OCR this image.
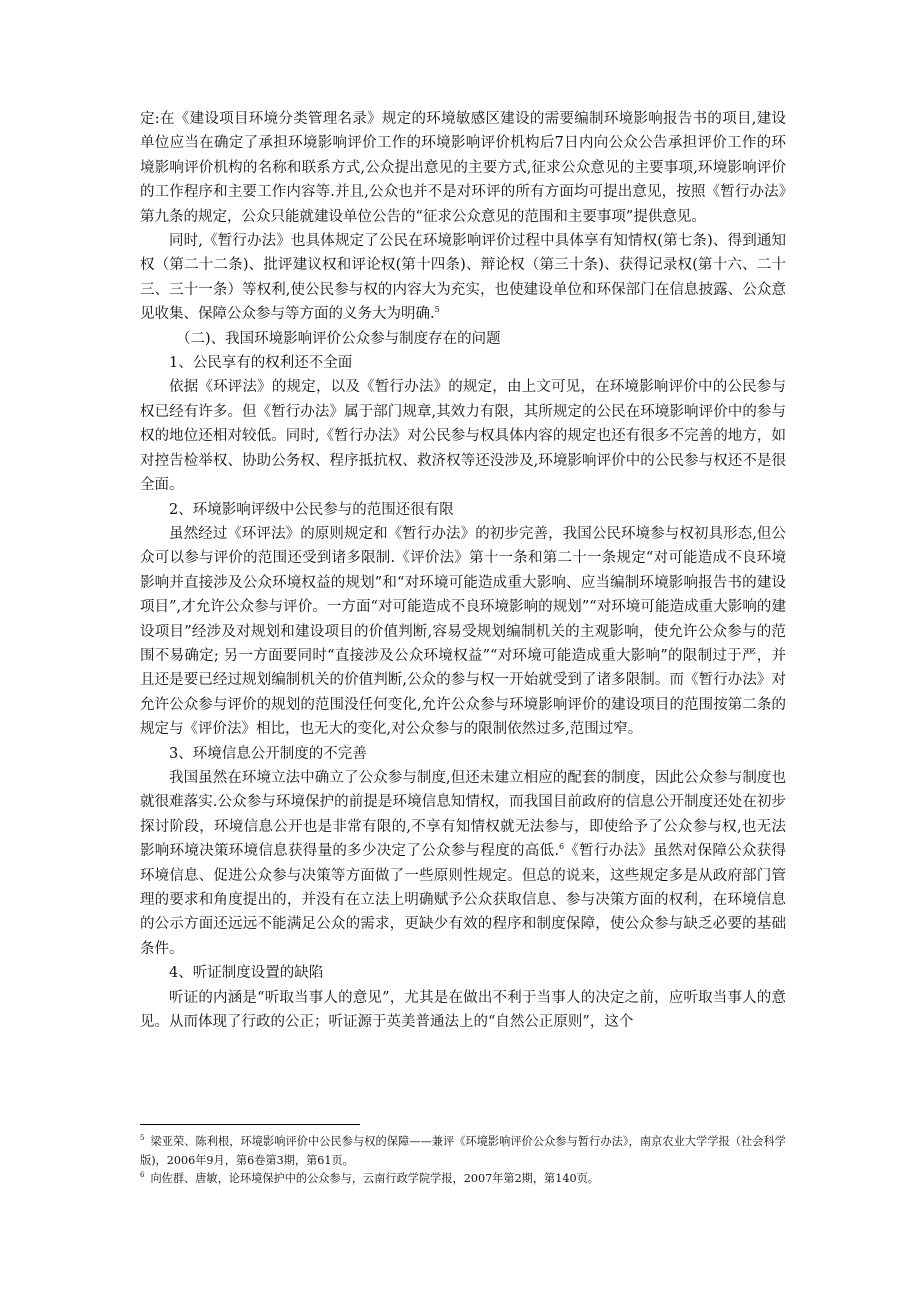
定:在《建设项目环境分类管理名录》规定的环境敏感区建设的需要编制环境影响报告书的项目,建设单位应当在确定了承担环境影响评价工作的环境影响评价机构后7日内向公众公告承担评价工作的环境影响评价机构的名称和联系方式,公众提出意见的主要方式,征求公众意见的主要事项,环境影响评价的工作程序和主要工作内容等.并且,公众也并不是对环评的所有方面均可提出意见，按照《暂行办法》第九条的规定，公众只能就建设单位公告的“征求公众意见的范围和主要事项”提供意见。

同时,《暂行办法》也具体规定了公民在环境影响评价过程中具体享有知情权(第七条)、得到通知权（第二十二条)、批评建议权和评论权(第十四条)、辩论权（第三十条)、获得记录权(第十六、二十三、三十一条）等权利,使公民参与权的内容大为充实，也使建设单位和环保部门在信息披露、公众意见收集、保障公众参与等方面的义务大为明确.$^5$

（二)、我国环境影响评价公众参与制度存在的问题

1、公民享有的权利还不全面

依据《环评法》的规定，以及《暂行办法》的规定，由上文可见，在环境影响评价中的公民参与权已经有许多。但《暂行办法》属于部门规章,其效力有限，其所规定的公民在环境影响评价中的参与权的地位还相对较低。同时,《暂行办法》对公民参与权具体内容的规定也还有很多不完善的地方，如对控告检举权、协助公务权、程序抵抗权、救济权等还没涉及,环境影响评价中的公民参与权还不是很全面。

2、环境影响评级中公民参与的范围还很有限

虽然经过《环评法》的原则规定和《暂行办法》的初步完善，我国公民环境参与权初具形态,但公众可以参与评价的范围还受到诸多限制.《评价法》第十一条和第二十一条规定“对可能造成不良环境影响并直接涉及公众环境权益的规划”和“对环境可能造成重大影响、应当编制环境影响报告书的建设项目”,才允许公众参与评价。一方面“对可能造成不良环境影响的规划”“对环境可能造成重大影响的建设项目”经涉及对规划和建设项目的价值判断,容易受规划编制机关的主观影响，使允许公众参与的范围不易确定; 另一方面要同时“直接涉及公众环境权益”“对环境可能造成重大影响”的限制过于严，并且还是要已经过规划编制机关的价值判断,公众的参与权一开始就受到了诸多限制。而《暂行办法》对允许公众参与评价的规划的范围没任何变化,允许公众参与环境影响评价的建设项目的范围按第二条的规定与《评价法》相比，也无大的变化,对公众参与的限制依然过多,范围过窄。

3、环境信息公开制度的不完善

我国虽然在环境立法中确立了公众参与制度,但还未建立相应的配套的制度，因此公众参与制度也就很难落实.公众参与环境保护的前提是环境信息知情权，而我国目前政府的信息公开制度还处在初步探讨阶段，环境信息公开也是非常有限的,不享有知情权就无法参与，即使给予了公众参与权,也无法影响环境决策环境信息获得量的多少决定了公众参与程度的高低.$^6$《暂行办法》虽然对保障公众获得环境信息、促进公众参与决策等方面做了一些原则性规定。但总的说来，这些规定多是从政府部门管理的要求和角度提出的，并没有在立法上明确赋予公众获取信息、参与决策方面的权利，在环境信息的公示方面还远远不能满足公众的需求，更缺少有效的程序和制度保障，使公众参与缺乏必要的基础条件。

4、听证制度设置的缺陷

听证的内涵是“听取当事人的意见”，尤其是在做出不利于当事人的决定之前，应听取当事人的意见。从而体现了行政的公正；听证源于英美普通法上的“自然公正原则”，这个

$^5$ 梁亚荣、陈利根，环境影响评价中公民参与权的保障——兼评《环境影响评价公众参与暂行办法》，南京农业大学学报（社会科学版)，2006年9月，第6卷第3期，第61页。

$^6$ 向佐群、唐敏，论环境保护中的公众参与，云南行政学院学报，2007年第2期，第140页。
